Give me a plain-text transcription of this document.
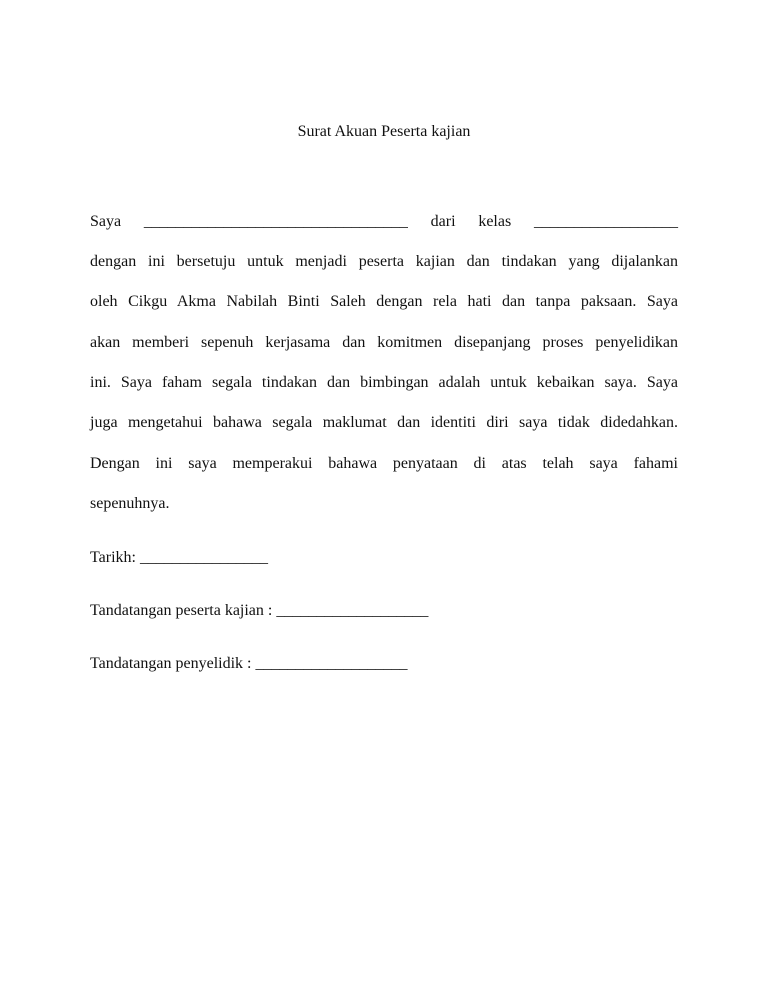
Surat Akuan Peserta kajian
Saya _________________________________ dari kelas __________________
dengan ini bersetuju untuk menjadi peserta kajian dan tindakan yang dijalankan
oleh Cikgu Akma Nabilah Binti Saleh dengan rela hati dan tanpa paksaan. Saya
akan memberi sepenuh kerjasama dan komitmen disepanjang proses penyelidikan
ini. Saya faham segala tindakan dan bimbingan adalah untuk kebaikan saya. Saya
juga mengetahui bahawa segala maklumat dan identiti diri saya tidak didedahkan.
Dengan ini saya memperakui bahawa penyataan di atas telah saya fahami
sepenuhnya.
Tarikh: ________________
Tandatangan peserta kajian : ___________________
Tandatangan penyelidik : ___________________
